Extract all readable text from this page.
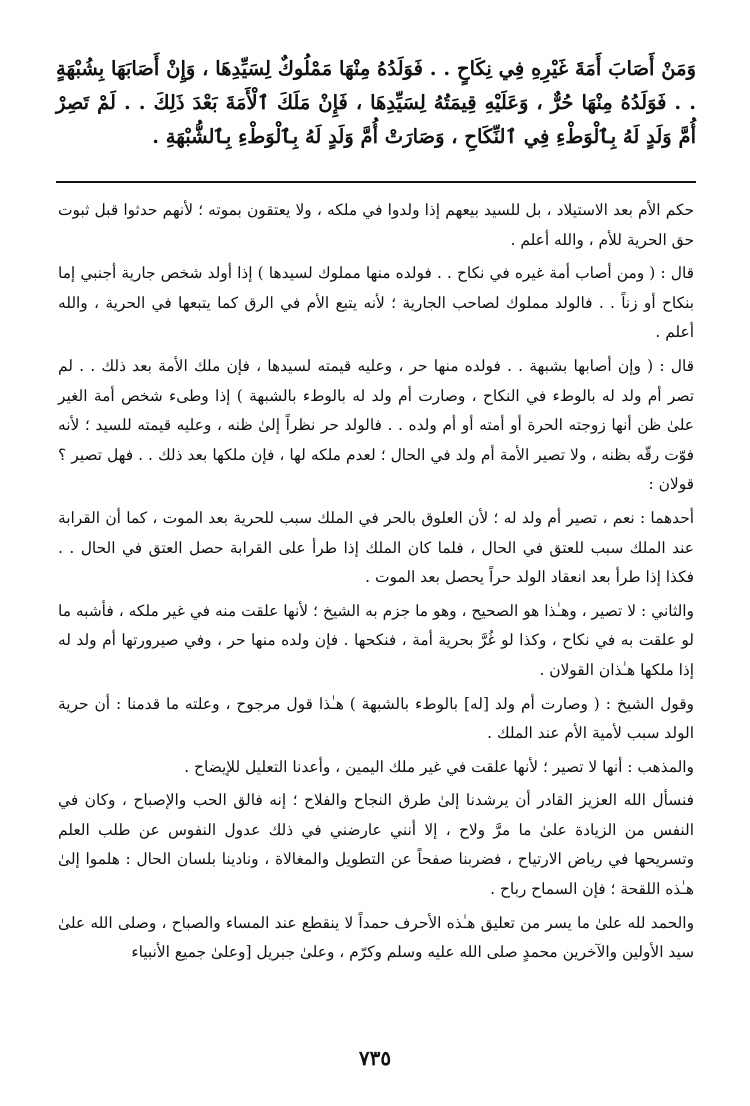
وَمَنْ أَصَابَ أَمَةَ غَيْرِهِ فِي نِكَاحٍ . . فَوَلَدُهُ مِنْهَا مَمْلُوكٌ لِسَيِّدِهَا ، وَإِنْ أَصَابَهَا بِشُبْهَةٍ . . فَوَلَدُهُ مِنْهَا حُرٌّ ، وَعَلَيْهِ قِيمَتُهُ لِسَيِّدِهَا ، فَإِنْ مَلَكَ ٱلْأَمَةَ بَعْدَ ذَلِكَ . . لَمْ تَصِرْ أُمَّ وَلَدٍ لَهُ بِٱلْوَطْءِ فِي ٱلنِّكَاحِ ، وَصَارَتْ أُمَّ وَلَدٍ لَهُ بِٱلْوَطْءِ بِٱلشُّبْهَةِ .

حكم الأم بعد الاستيلاد ، بل للسيد بيعهم إذا ولدوا في ملكه ، ولا يعتقون بموته ؛ لأنهم حدثوا قبل ثبوت حق الحرية للأم ، والله أعلم .

قال : ( ومن أصاب أمة غيره في نكاح . . فولده منها مملوك لسيدها ) إذا أولد شخص جارية أجنبي إما بنكاح أو زناً . . فالولد مملوك لصاحب الجارية ؛ لأنه يتبع الأم في الرق كما يتبعها في الحرية ، والله أعلم .

قال : ( وإن أصابها بشبهة . . فولده منها حر ، وعليه قيمته لسيدها ، فإن ملك الأمة بعد ذلك . . لم تصر أم ولد له بالوطء في النكاح ، وصارت أم ولد له بالوطء بالشبهة ) إذا وطىء شخص أمة الغير علىٰ ظن أنها زوجته الحرة أو أمته أو أم ولده . . فالولد حر نظراً إلىٰ ظنه ، وعليه قيمته للسيد ؛ لأنه فوّت رقّه بظنه ، ولا تصير الأمة أم ولد في الحال ؛ لعدم ملكه لها ، فإن ملكها بعد ذلك . . فهل تصير ؟ قولان :

أحدهما : نعم ، تصير أم ولد له ؛ لأن العلوق بالحر في الملك سبب للحرية بعد الموت ، كما أن القرابة عند الملك سبب للعتق في الحال ، فلما كان الملك إذا طرأ على القرابة حصل العتق في الحال . . فكذا إذا طرأ بعد انعقاد الولد حراً يحصل بعد الموت .

والثاني : لا تصير ، وهـٰذا هو الصحيح ، وهو ما جزم به الشيخ ؛ لأنها علقت منه في غير ملكه ، فأشبه ما لو علقت به في نكاح ، وكذا لو غُرَّ بحرية أمة ، فنكحها . فإن ولده منها حر ، وفي صيرورتها أم ولد له إذا ملكها هـٰذان القولان .

وقول الشيخ : ( وصارت أم ولد [له] بالوطء بالشبهة ) هـٰذا قول مرجوح ، وعلته ما قدمنا : أن حرية الولد سبب لأمية الأم عند الملك .

والمذهب : أنها لا تصير ؛ لأنها علقت في غير ملك اليمين ، وأعدنا التعليل للإيضاح .

فنسأل الله العزيز القادر أن يرشدنا إلىٰ طرق النجاح والفلاح ؛ إنه فالق الحب والإصباح ، وكان في النفس من الزيادة علىٰ ما مرَّ ولاح ، إلا أنني عارضني في ذلك عدول النفوس عن طلب العلم وتسريحها في رياض الارتياح ، فضربنا صفحاً عن التطويل والمغالاة ، ونادينا بلسان الحال : هلموا إلىٰ هـٰذه اللقحة ؛ فإن السماح رباح .

والحمد لله علىٰ ما يسر من تعليق هـٰذه الأحرف حمداً لا ينقطع عند المساء والصباح ، وصلى الله علىٰ سيد الأولين والآخرين محمدٍ صلى الله عليه وسلم وكرّم ، وعلىٰ جبريل [وعلىٰ جميع الأنبياء

٧٣٥
